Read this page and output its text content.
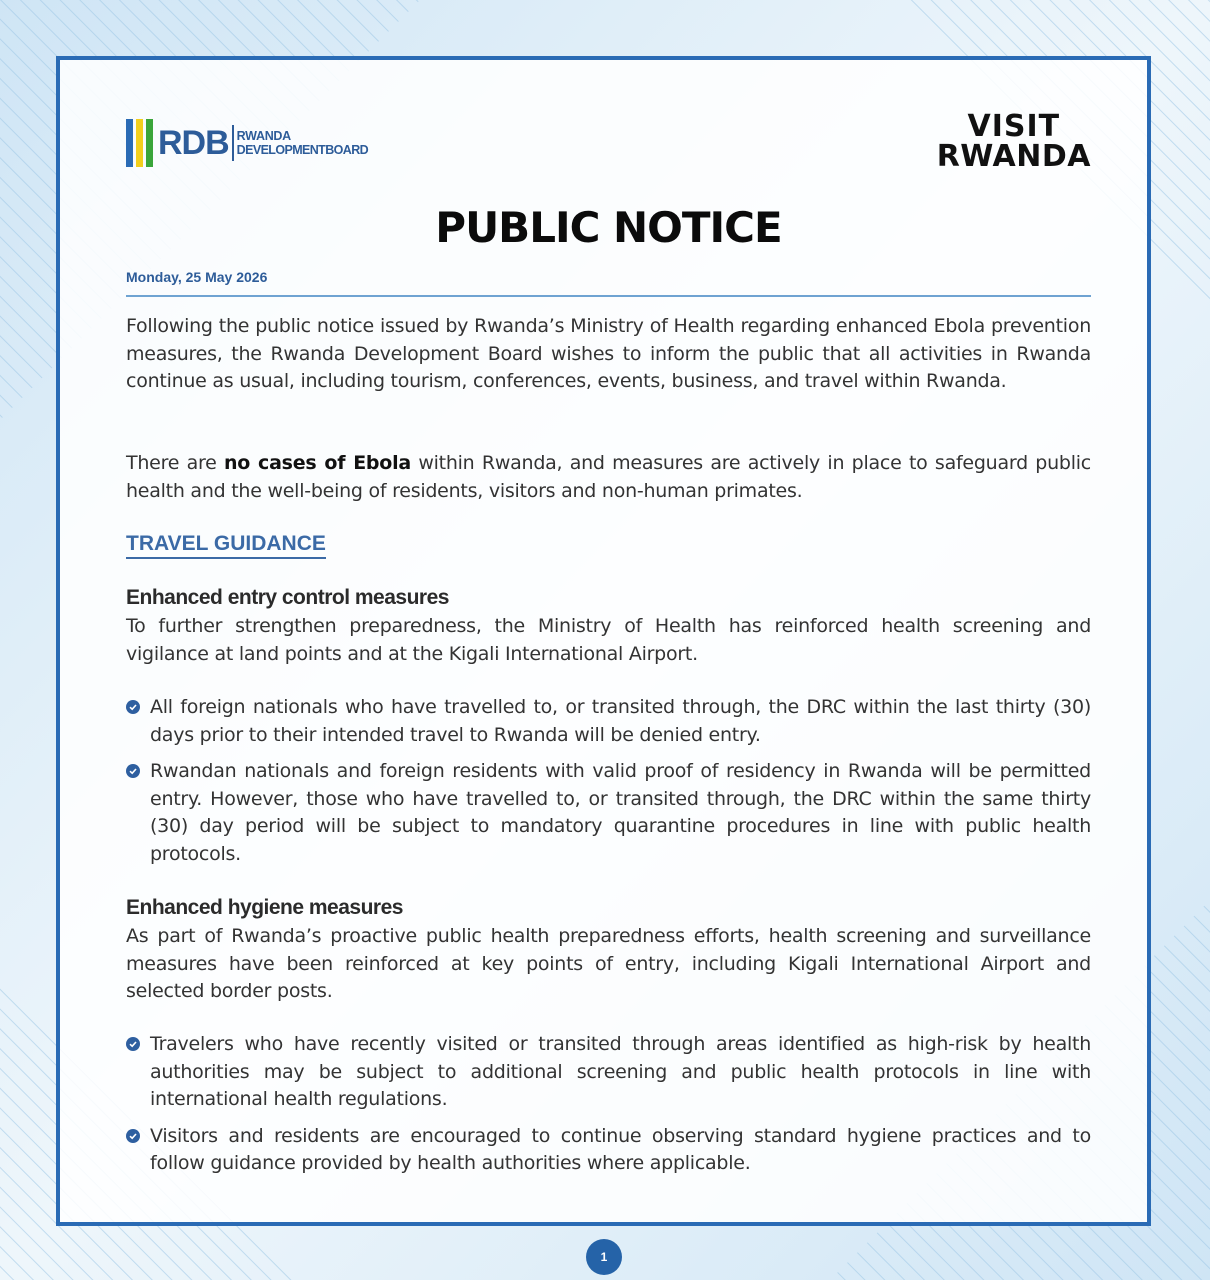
RDB RWANDA
DEVELOPMENTBOARD
VISIT
RWANDA
PUBLIC NOTICE
Monday, 25 May 2026
Following the public notice issued by Rwanda’s Ministry of Health regarding enhanced Ebola prevention measures, the Rwanda Development Board wishes to inform the public that all activities in Rwanda continue as usual, including tourism, conferences, events, business, and travel within Rwanda.
There are no cases of Ebola within Rwanda, and measures are actively in place to safeguard public health and the well-being of residents, visitors and non-human primates.
TRAVEL GUIDANCE
Enhanced entry control measures
To further strengthen preparedness, the Ministry of Health has reinforced health screening and vigilance at land points and at the Kigali International Airport.
All foreign nationals who have travelled to, or transited through, the DRC within the last thirty (30) days prior to their intended travel to Rwanda will be denied entry.
Rwandan nationals and foreign residents with valid proof of residency in Rwanda will be permitted entry. However, those who have travelled to, or transited through, the DRC within the same thirty (30) day period will be subject to mandatory quarantine procedures in line with public health protocols.
Enhanced hygiene measures
As part of Rwanda’s proactive public health preparedness efforts, health screening and surveillance measures have been reinforced at key points of entry, including Kigali International Airport and selected border posts.
Travelers who have recently visited or transited through areas identified as high-risk by health authorities may be subject to additional screening and public health protocols in line with international health regulations.
Visitors and residents are encouraged to continue observing standard hygiene practices and to follow guidance provided by health authorities where applicable.
1
